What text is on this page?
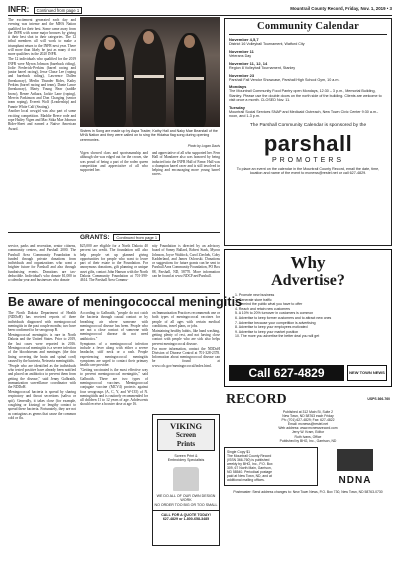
INFR: Continued from page 1	Mountrail County Record, Friday, Nov. 1, 2019 • 3

The excitement generated each day and evening was intense and the MHA Nation qualified for their best. Some came away from the INFR with some major bronzes by giving it their best shot in their categories. The 12 tribal members all will work to make a triumphant return to the INFR next year. There will more than likely be just as many if not more qualifiers in the 2020 INFR.

The 12 individuals who qualified for the 2019 INFR were Myron Johnson (bareback riding), Jodie Frederick-Perkins (barrel racing and junior barrel racing), Jesse Chase Lee (roping and bareback riding), Lawrence Dallen (breakaway), Merlin Thunder Rides, Kathy Perkins (barrel racing and team), Dante Lance (breakaway), Marty Young Bear (saddle bronc), Renee Arikara, Jackie Lane (roping), Mervin Parkinson and Don Charging (senior team roping), Everett Wolf (Leadership) and Fannie White Calf (Seating).

Another local cowgirl was also part of some exciting competition. Maddie Reece rode and rope Hailey Vigen and Mac Sitka Mae Johnson Rider-Sheet and earned a Native American Award.

Sisters in Song are made up by Aspa Trader, Kathy Hall and Naky Mae Bearstail of the MHA Nation and they were called on to sing the Hidatsa flag song during opening ceremonies.
Photo by Logan Davis

Vigen showed class and sportsmanship and although she was edged out for the crown, she was proud of being a part of the rodeo queen competition and appreciative of all who supported her.

and appreciative of all who supported her. Fern Hall of Mandaree also was honored by being inducted into the INFR Hall of Fame. Hall was a champion barrel racer and is still involved in helping and encouraging more young barrel racers.

Community Calendar
November 4,5,7
District 16 Volleyball Tournament, Watford City
November 11
Veterans Day
November 11, 12, 14
Region 8 Volleyball Tournament, Stanley
November 23
Parshall Fall Vendor Showcase, Parshall High School Gym, 10 a.m.
Mondays
The Mountrail Community Food Pantry open Mondays, 12:30 – 3 p.m., Memorial Building, Stanley. Please use the double doors on the north side of the building. Clients are welcome to visit once a month. CLOSED Nov. 11.
Tuesday
Mountrail Social Services SNAP and Medicaid Outreach, New Town Civic Center 9:30 a.m.-noon, and 1-3 p.m.
The Parshall Community Calendar is sponsored by the
parshall
PROMOTERS
To place an event on the calendar in the Mountrail County Record, email the date, time, location and name of the event to mcnews@restel.net or call 627-4829.
GRANTS: Continued from page 1
service, parks and recreation, senior citizens, community centers, and Parshall 2000. The Parshall Area Community Foundation is funded through private donations from individuals and organizations who want a brighter future for Parshall and also through fundraising events. Donations are tax-deductible. Individual's who donate $1,000 in a calendar year and businesses who donate
$25,000 are eligible for a North Dakota 40 percent tax credit. The foundation will also help people set up planned giving opportunities for people who want to leave part of their estate to the Foundation. For anonymous donations, gift planning or unique asset gifts, contact John Hanson with the North Dakota Community Foundation at 701-390-4614. The Parshall Area Commu-
nity Foundation is directed by an advisory board of Sonny Ballard, Robert Stark, Myron Johnson, Joyce Waldock, Carol Ziechek, Coby Kadderland, and James Oslowski. Donations or suggestions for future grants can be sent to Parshall Area Community Foundation, PO Box 88, Parshall, ND, 58770. More information can be found at www.NDCF.net/Parshall.
Why
Advertise?
1. Promote new business
2. Generate store traffic
3. Remind the public what you have to offer
4. Reach and retain new customers
5. A 10% to 20% turnover in customers is common
6. Advertise to keep former customers and to attract new ones
7. Advertise because your competition is advertising
8. Advertise to keep your employees motivated
9. Advertise to keep your market position
10. The more you advertise the better deal you will get
Call 627-4829	NEW TOWN NEWS
Be aware of meningococcal meningitis

The North Dakota Department of Health (NDDoH) has received reports of three individuals diagnosed with meningococcal meningitis in the past couple months; two have been confirmed to be serogroup B.

Meningococcal meningitis is rare in North Dakota and the United States. Prior to 2019, the last cases were reported in 2016. Meningococcal meningitis is a severe infection of the bloodstream and meninges (the thin lining covering the brain and spinal cord) caused by the bacteria, Neisseria meningitidis.

"People who are identified as the individuals who tested positive have already been notified and placed on antibiotics to prevent them from getting the disease," said Jenny Galbraith, immunization surveillance coordinator with the NDDoH.

Meningococcal bacteria is spread by sharing respiratory and throat secretions (saliva or spit). Generally, it takes close (for example, coughing or kissing) or lengthy contact to spread these bacteria. Fortunately, they are not as contagious as germs that cause the common cold or flu.

According to Galbraith, "people do not catch the bacteria through casual contact or by breathing air where someone with meningococcal disease has been. People who are not a close contact of someone with meningococcal disease do not need antibiotics."

Symptoms of a meningococcal infection include a fever along with either a severe headache, stiff neck or a rash. People experiencing meningococcal meningitis symptoms are urged to contact their primary health care provider.

"Getting vaccinated is the most effective way to prevent meningococcal meningitis," said Galbraith. There are two types of meningococcal vaccines. Meningococcal conjugate vaccine (MCV4) protects against four serogroups (A, C, Y, and W-135) of N. meningitidis and is routinely recommended for all children 11 to 12 years of age. Adolescents should receive a booster dose at age 16.

on Immunization Practices recommends one or both types of meningococcal vaccines for people of all ages with certain medical conditions, travel plans, or jobs.

Maintaining healthy habits, like hand washing, getting plenty of rest, and not having close contact with people who are sick also helps prevent meningococcal disease.

For more information, contact the NDDoH Division of Disease Control at 701-328-2378. Information about meningococcal disease can be found at www.cdc.gov/meningococcal/index.html.

VIKING
Screen
Prints
Screen Print &
Embroidery Specialists
WE DO ALL OF OUR OWN DESIGN WORK
NO ORDER TOO BIG OR TOO SMALL
CALL FOR A QUOTE TODAY!
627-4829 or 1-800-658-3485
RECORD	USPS 366-760
Published at 312 Main St, Suite 2
New Town, ND 58763 each Friday
Ph: (701) 627-4829; Fax: 627-4822
Email: mcnews@restel.net
Web address: www.mcnewsrecord.com
Jerry W. Kram, Editor
Ruth Ivans, Office
Published by BHG, Inc., Garrison, ND
Single Copy $1
The Mountrail County Record
(ISSN 366-760) is published
weekly by BHG, Inc., P.O. Box
309, 67 North Main, Garrison,
ND 58540. Periodical postage
paid at New Town, ND, and at
additional mailing offices.	NDNA
Postmaster: Send address changes to: New Town News, P.O. Box 730, New Town, ND 58763-0730
